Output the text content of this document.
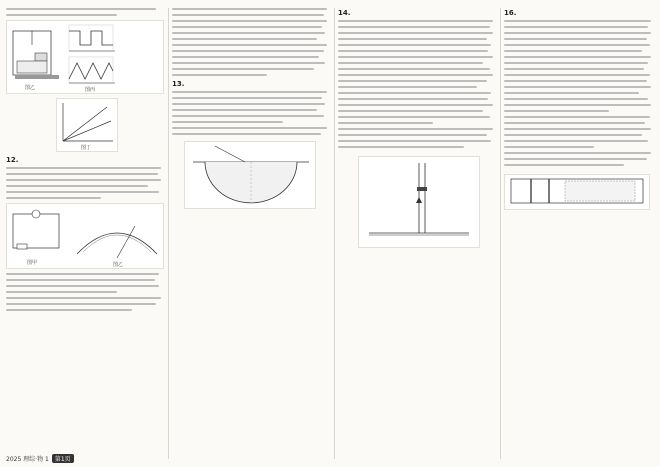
图乙	图丙
图丁
12.
图甲	图乙
13.
14.	16.
2025 理综·物 1 第1页
